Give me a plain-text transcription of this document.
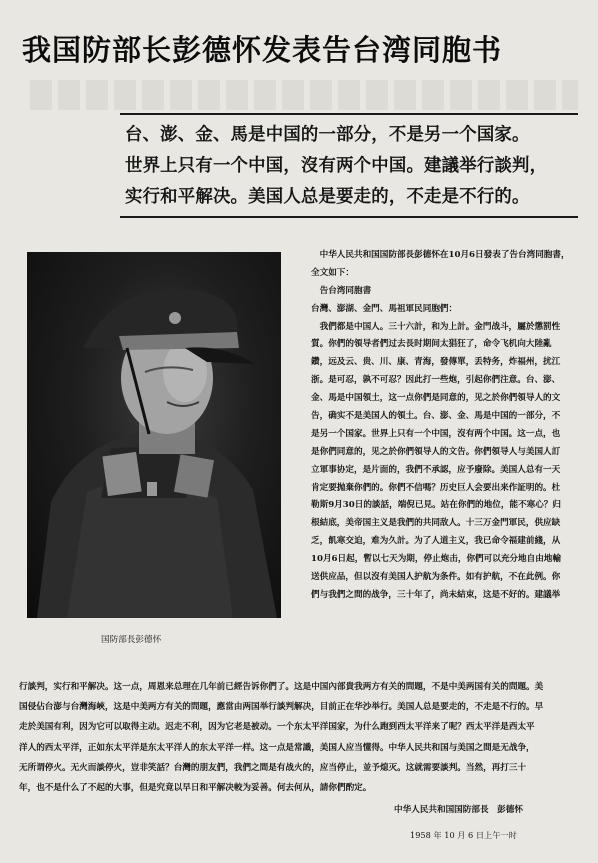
我国防部长彭德怀发表告台湾同胞书
台、澎、金、馬是中国的一部分，不是另一个国家。
世界上只有一个中国，沒有两个中国。建議举行談判，
实行和平解决。美国人总是要走的，不走是不行的。
国防部長彭德怀
　中华人民共和国国防部長彭德怀在10月6日發表了告台湾同胞書，
全文如下：
　告台湾同胞書
台灣、澎湖、金門、馬祖軍民同胞們：
　我們都是中国人。三十六計，和为上計。金門战斗，屬於懲罰性
質。你們的領导者們过去長时期间太猖狂了，命令飞机向大陸亂
鑽，远及云、贵、川、康、青海，發傳單，丢特务，炸福州，扰江
浙。是可忍，孰不可忍？因此打一些炮，引起你們注意。台、澎、
金、馬是中国領土，这一点你們是同意的，见之於你們領导人的文
告，确实不是美国人的領土。台、澎、金、馬是中国的一部分，不
是另一个国家。世界上只有一个中国，沒有两个中国。这一点，也
是你們同意的，见之於你們領导人的文告。你們領导人与美国人訂
立軍事协定，是片面的，我們不承認，应予廢除。美国人总有一天
肯定要抛棄你們的。你們不信嗎？历史巨人会要出来作証明的。杜
勒斯9月30日的談話，端倪已見。站在你們的地位，能不寒心？归
根結底，美帝国主义是我們的共同敌人。十三万金門軍民，供应缺
乏，飢寒交迫，难为久計。为了人道主义，我已命令福建前綫，从
10月6日起，暫以七天为期，停止炮击，你們可以充分地自由地輸
送供应品，但以沒有美国人护航为条件。如有护航，不在此例。你
們与我們之間的战争，三十年了，尚未結束，这是不好的。建議举
行談判，实行和平解决。这一点，周恩来总理在几年前已經告诉你們了。这是中国內部貴我两方有关的問題，不是中美两国有关的問題。美
国侵佔台澎与台灣海峽，这是中美两方有关的問題，應當由两国举行談判解决，目前正在华沙举行。美国人总是要走的，不走是不行的。早
走於美国有利，因为它可以取得主动。迟走不利，因为它老是被动。一个东太平洋国家，为什么跑到西太平洋来了呢？西太平洋是西太平
洋人的西太平洋，正如东太平洋是东太平洋人的东太平洋一样。这一点是常識，美国人应当懂得。中华人民共和国与美国之間是无战争，
无所谓停火。无火而談停火，豈非笑話？台灣的朋友們，我們之間是有战火的，应当停止，並予熄灭。这就需要談判。当然，再打三十
年，也不是什么了不起的大事，但是究竟以早日和平解决較为妥善。何去何从，請你們酌定。
中华人民共和国国防部長　彭德怀
1958 年 10 月 6 日上午一时
